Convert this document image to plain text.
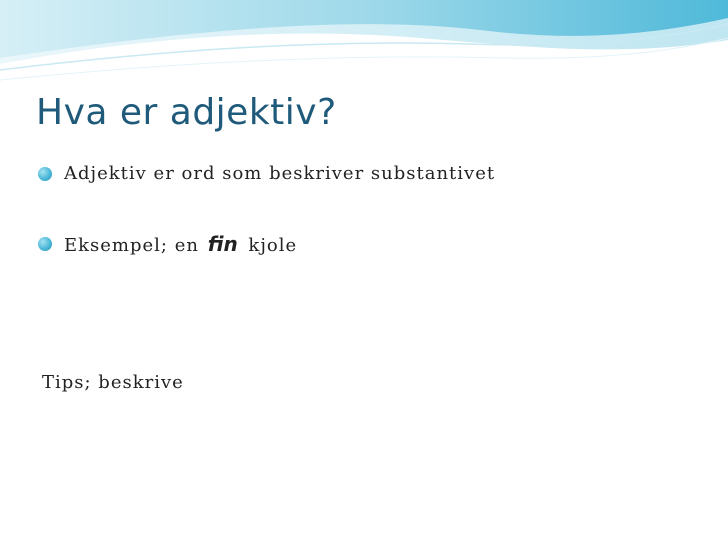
Hva er adjektiv?
Adjektiv er ord som beskriver substantivet
Eksempel; en fin kjole

Tips; beskrive
